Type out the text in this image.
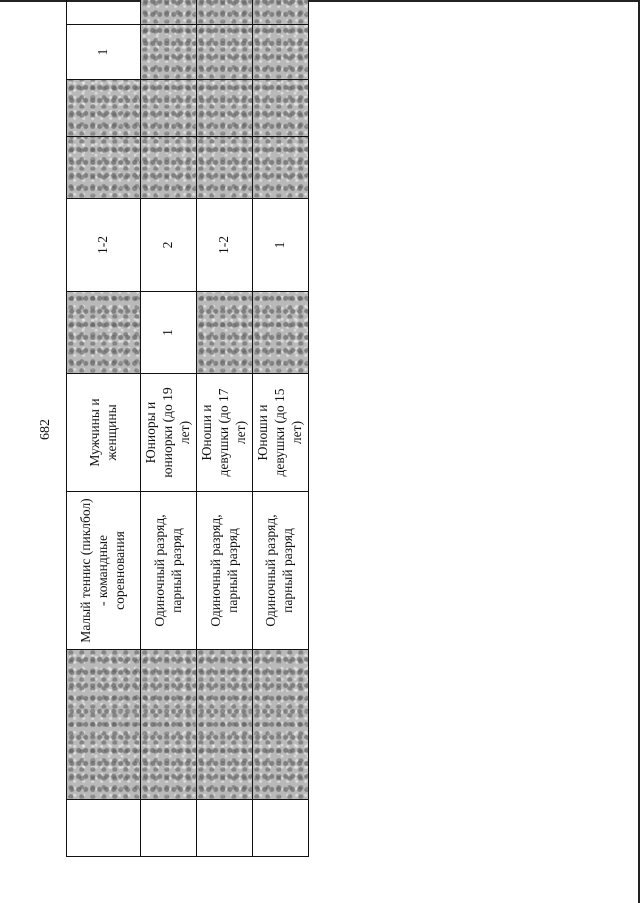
682
		Малый теннис (пиклбол) - командные соревнования	Мужчины и женщины		1-2			1	
		Одиночный разряд, парный разряд	Юниоры и юниорки (до 19 лет)	1	2				
		Одиночный разряд, парный разряд	Юноши и девушки (до 17 лет)		1-2				
		Одиночный разряд, парный разряд	Юноши и девушки (до 15 лет)		1				
